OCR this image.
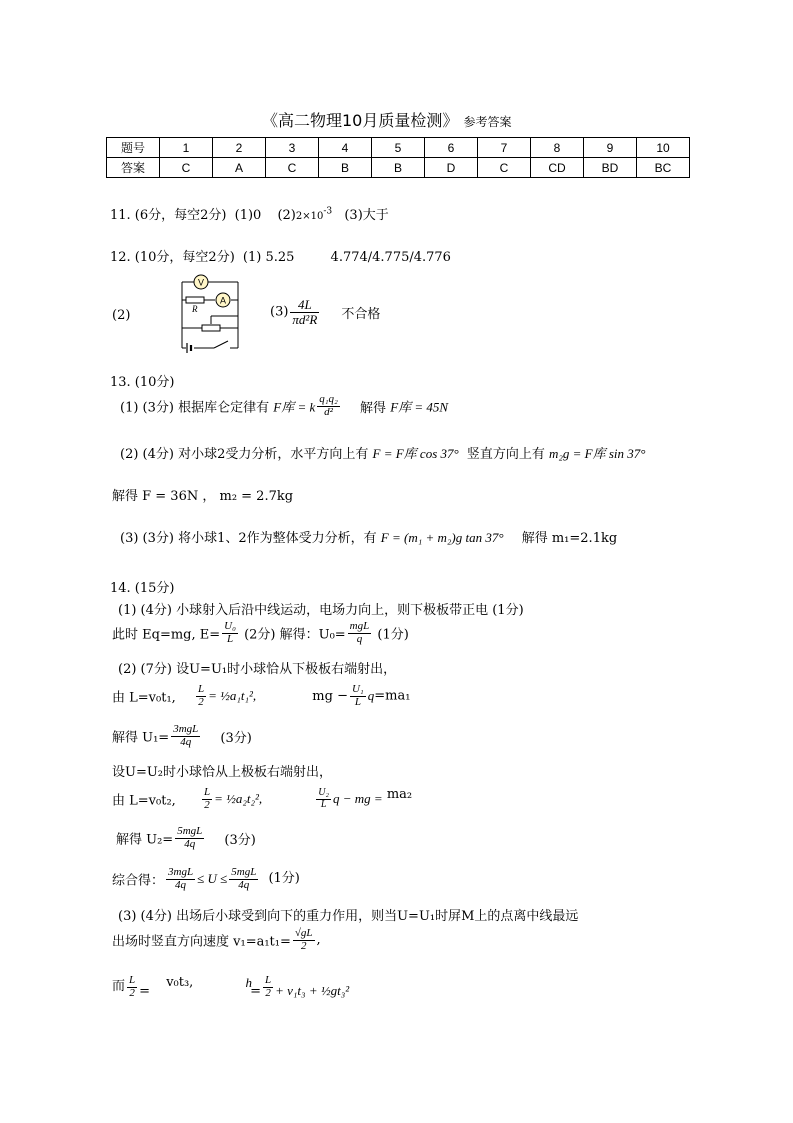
《高二物理10月质量检测》 参考答案
题号	1	2	3	4	5	6	7	8	9	10
答案	C	A	C	B	B	D	C	CD	BD	BC
11. (6分，每空2分) (1)0 $(2)2\times 10^{-3}$ (3)大于
12. (10分，每空2分) (1) 5.25	4.774/4.775/4.776
(2)
V
A
R	$(3) \frac{4L}{\text{πd²R}}$ 不合格
13. (10分)
(1) (3分) 根据库仑定律有 F库 = k $\frac{\text{q₁q₂}}{\text{d²}}$ 解得 F库 = 45N
(2) (4分) 对小球2受力分析，水平方向上有 F = F库 cos 37° 竖直方向上有 m₂g = F库 sin 37°
解得 F = 36N ， m₂ = 2.7kg
(3) (3分) 将小球1、2作为整体受力分析，有 F = (m₁ + m₂)g tan 37° 解得 m₁=2.1kg
14. (15分)
(1) (4分) 小球射入后沿中线运动，电场力向上，则下极板带正电 (1分)
此时 Eq=mg, $E= \frac{\text{U₀}}{L} (2$分) 解得：$U_0= \frac{\text{mgL}}{q} (1$分)
(2) (7分) 设U=U₁时小球恰从下极板右端射出，
由 L=v₀t₁, $\frac{L}{2}$ = ½a₁t₁²,	mg − $\frac{\text{U₁}}{L} q=ma_1$
解得 $U_1= \frac{\text{3mgL}}{4q} (3$分)
设U=U₂时小球恰从上极板右端射出，
由 L=v₀t₂, $\frac{L}{2}$ = ½a₂t₂²,	$\frac{\text{U₂}}{L}$ q − mg = ma₂
解得 $U_2= \frac{\text{5mgL}}{4q} (3$分)
综合得： $\frac{\text{3mgL}}{4q} \le U \le \frac{\text{5mgL}}{4q} (1$分)
(3) (4分) 出场后小球受到向下的重力作用，则当U=U₁时屏M上的点离中线最远
出场时竖直方向速度 $v_1=a_1t_1= \frac{√gL}{2}$ ,
而 $\frac{L}{2} = v_0t_3$,	$h = \frac{L}{2} + v_1t_3$ + ½gt₃²
